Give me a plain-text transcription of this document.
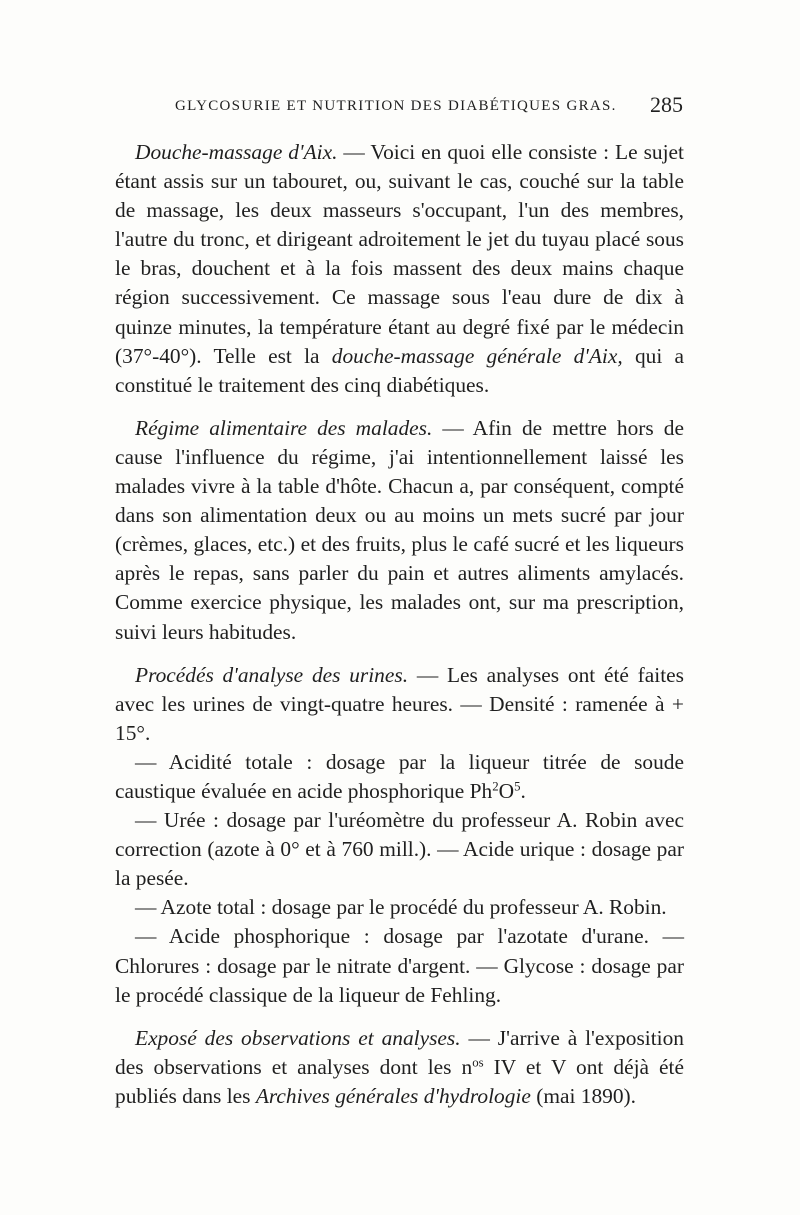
GLYCOSURIE ET NUTRITION DES DIABÉTIQUES GRAS.	285

Douche-massage d'Aix. — Voici en quoi elle consiste : Le sujet étant assis sur un tabouret, ou, suivant le cas, couché sur la table de massage, les deux masseurs s'occupant, l'un des membres, l'autre du tronc, et dirigeant adroitement le jet du tuyau placé sous le bras, douchent et à la fois massent des deux mains chaque région successivement. Ce massage sous l'eau dure de dix à quinze minutes, la température étant au degré fixé par le médecin (37°-40°). Telle est la douche-massage générale d'Aix, qui a constitué le traitement des cinq diabétiques.

Régime alimentaire des malades. — Afin de mettre hors de cause l'influence du régime, j'ai intentionnellement laissé les malades vivre à la table d'hôte. Chacun a, par conséquent, compté dans son alimentation deux ou au moins un mets sucré par jour (crèmes, glaces, etc.) et des fruits, plus le café sucré et les liqueurs après le repas, sans parler du pain et autres aliments amylacés. Comme exercice physique, les malades ont, sur ma prescription, suivi leurs habitudes.

Procédés d'analyse des urines. — Les analyses ont été faites avec les urines de vingt-quatre heures. — Densité : ramenée à + 15°.

— Acidité totale : dosage par la liqueur titrée de soude caustique évaluée en acide phosphorique $Ph^2O^5$.

— Urée : dosage par l'uréomètre du professeur A. Robin avec correction (azote à 0° et à 760 mill.). — Acide urique : dosage par la pesée.

— Azote total : dosage par le procédé du professeur A. Robin.

— Acide phosphorique : dosage par l'azotate d'urane. — Chlorures : dosage par le nitrate d'argent. — Glycose : dosage par le procédé classique de la liqueur de Fehling.

Exposé des observations et analyses. — J'arrive à l'exposition des observations et analyses dont les $n^{os}$ IV et V ont déjà été publiés dans les Archives générales d'hydrologie (mai 1890).
